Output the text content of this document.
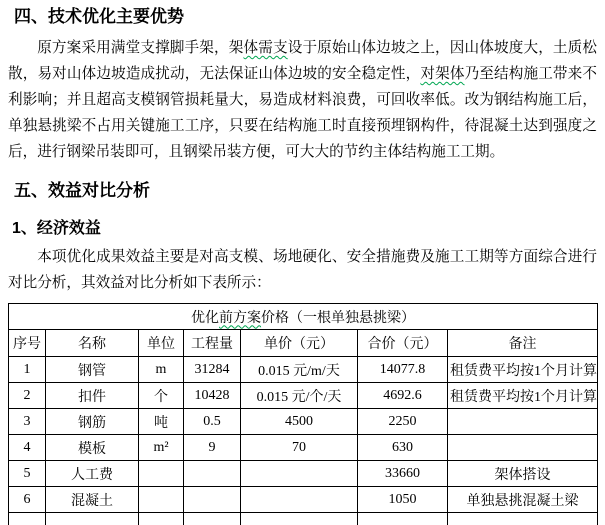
四、技术优化主要优势

原方案采用满堂支撑脚手架，架体需支设于原始山体边坡之上，因山体坡度大，土质松散，易对山体边坡造成扰动，无法保证山体边坡的安全稳定性，对架体乃至结构施工带来不利影响；并且超高支模钢管损耗量大，易造成材料浪费，可回收率低。改为钢结构施工后，单独悬挑梁不占用关键施工工序，只要在结构施工时直接预埋钢构件，待混凝土达到强度之后，进行钢梁吊装即可，且钢梁吊装方便，可大大的节约主体结构施工工期。

五、效益对比分析
1、经济效益

本项优化成果效益主要是对高支模、场地硬化、安全措施费及施工工期等方面综合进行对比分析，其效益对比分析如下表所示：

优化前方案价格（一根单独悬挑梁）						
序号	名称	单位	工程量	单价（元）	合价（元）	备注
1	钢管	m	31284	0.015 元/m/天	14077.8	租赁费平均按1个月计算
2	扣件	个	10428	0.015 元/个/天	4692.6	租赁费平均按1个月计算
3	钢筋	吨	0.5	4500	2250	
4	模板	m²	9	70	630	
5	人工费				33660	架体搭设
6	混凝土				1050	单独悬挑混凝土梁
